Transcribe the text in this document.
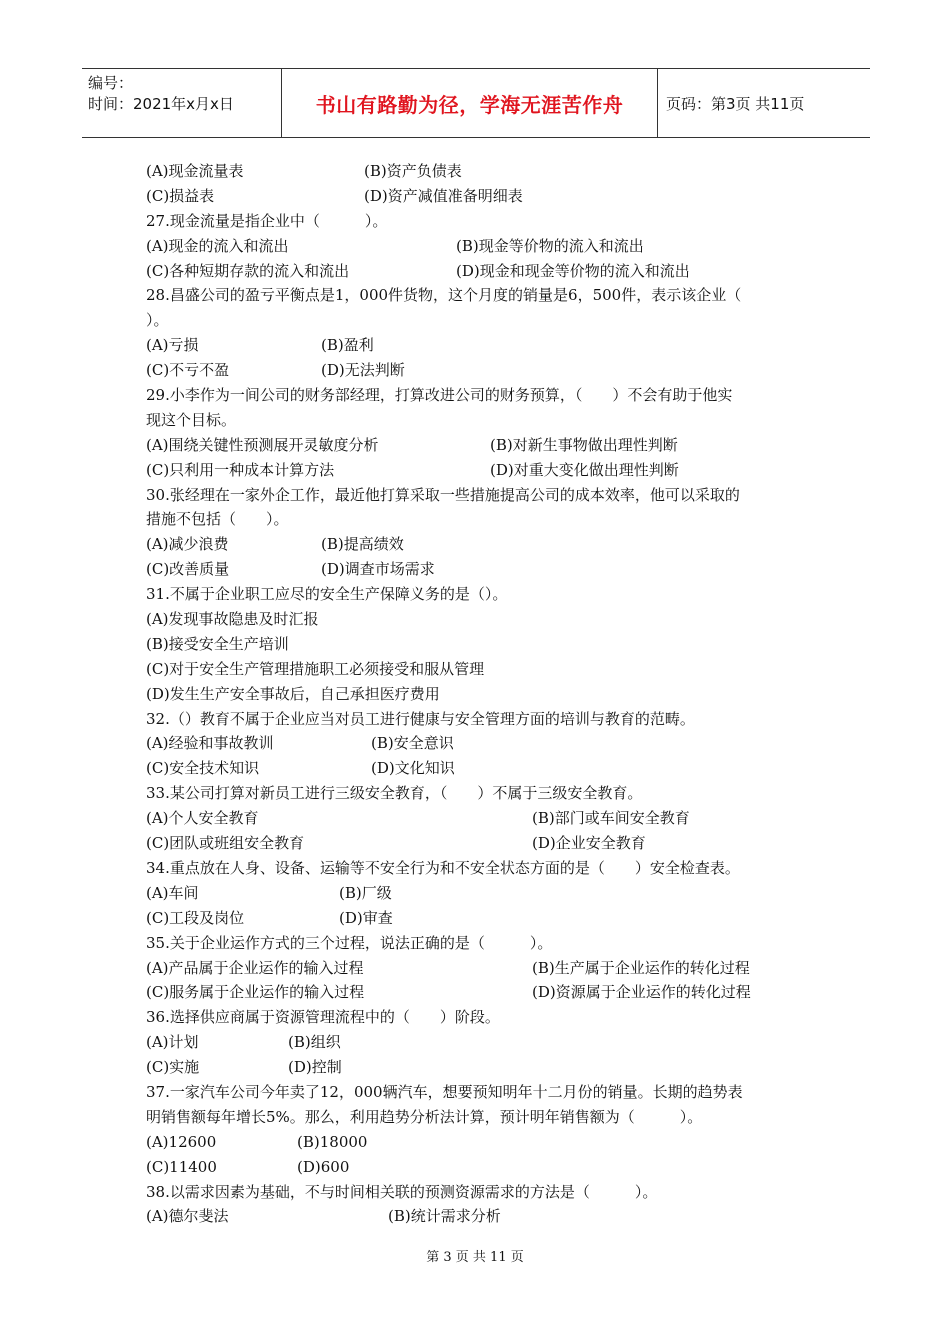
编号：
时间：2021年x月x日	书山有路勤为径，学海无涯苦作舟	页码：第3页 共11页
(A)现金流量表	(B)资产负债表
(C)损益表	(D)资产减值准备明细表
27.现金流量是指企业中（　　　）。
(A)现金的流入和流出	(B)现金等价物的流入和流出
(C)各种短期存款的流入和流出	(D)现金和现金等价物的流入和流出
28.昌盛公司的盈亏平衡点是1，000件货物，这个月度的销量是6，500件，表示该企业（
）。
(A)亏损	(B)盈利
(C)不亏不盈	(D)无法判断
29.小李作为一间公司的财务部经理，打算改进公司的财务预算，（　　）不会有助于他实
现这个目标。
(A)围绕关键性预测展开灵敏度分析	(B)对新生事物做出理性判断
(C)只利用一种成本计算方法	(D)对重大变化做出理性判断
30.张经理在一家外企工作，最近他打算采取一些措施提高公司的成本效率，他可以采取的
措施不包括（　　）。
(A)减少浪费	(B)提高绩效
(C)改善质量	(D)调查市场需求
31.不属于企业职工应尽的安全生产保障义务的是（）。
(A)发现事故隐患及时汇报
(B)接受安全生产培训
(C)对于安全生产管理措施职工必须接受和服从管理
(D)发生生产安全事故后，自己承担医疗费用
32.（）教育不属于企业应当对员工进行健康与安全管理方面的培训与教育的范畴。
(A)经验和事故教训	(B)安全意识
(C)安全技术知识	(D)文化知识
33.某公司打算对新员工进行三级安全教育，（　　）不属于三级安全教育。
(A)个人安全教育	(B)部门或车间安全教育
(C)团队或班组安全教育	(D)企业安全教育
34.重点放在人身、设备、运输等不安全行为和不安全状态方面的是（　　）安全检查表。
(A)车间	(B)厂级
(C)工段及岗位	(D)审查
35.关于企业运作方式的三个过程，说法正确的是（　　　）。
(A)产品属于企业运作的输入过程	(B)生产属于企业运作的转化过程
(C)服务属于企业运作的输入过程	(D)资源属于企业运作的转化过程
36.选择供应商属于资源管理流程中的（　　）阶段。
(A)计划	(B)组织
(C)实施	(D)控制
37.一家汽车公司今年卖了12，000辆汽车，想要预知明年十二月份的销量。长期的趋势表
明销售额每年增长5%。那么，利用趋势分析法计算，预计明年销售额为（　　　）。
(A)12600	(B)18000
(C)11400	(D)600
38.以需求因素为基础，不与时间相关联的预测资源需求的方法是（　　　）。
(A)德尔斐法	(B)统计需求分析
第 3 页 共 11 页
